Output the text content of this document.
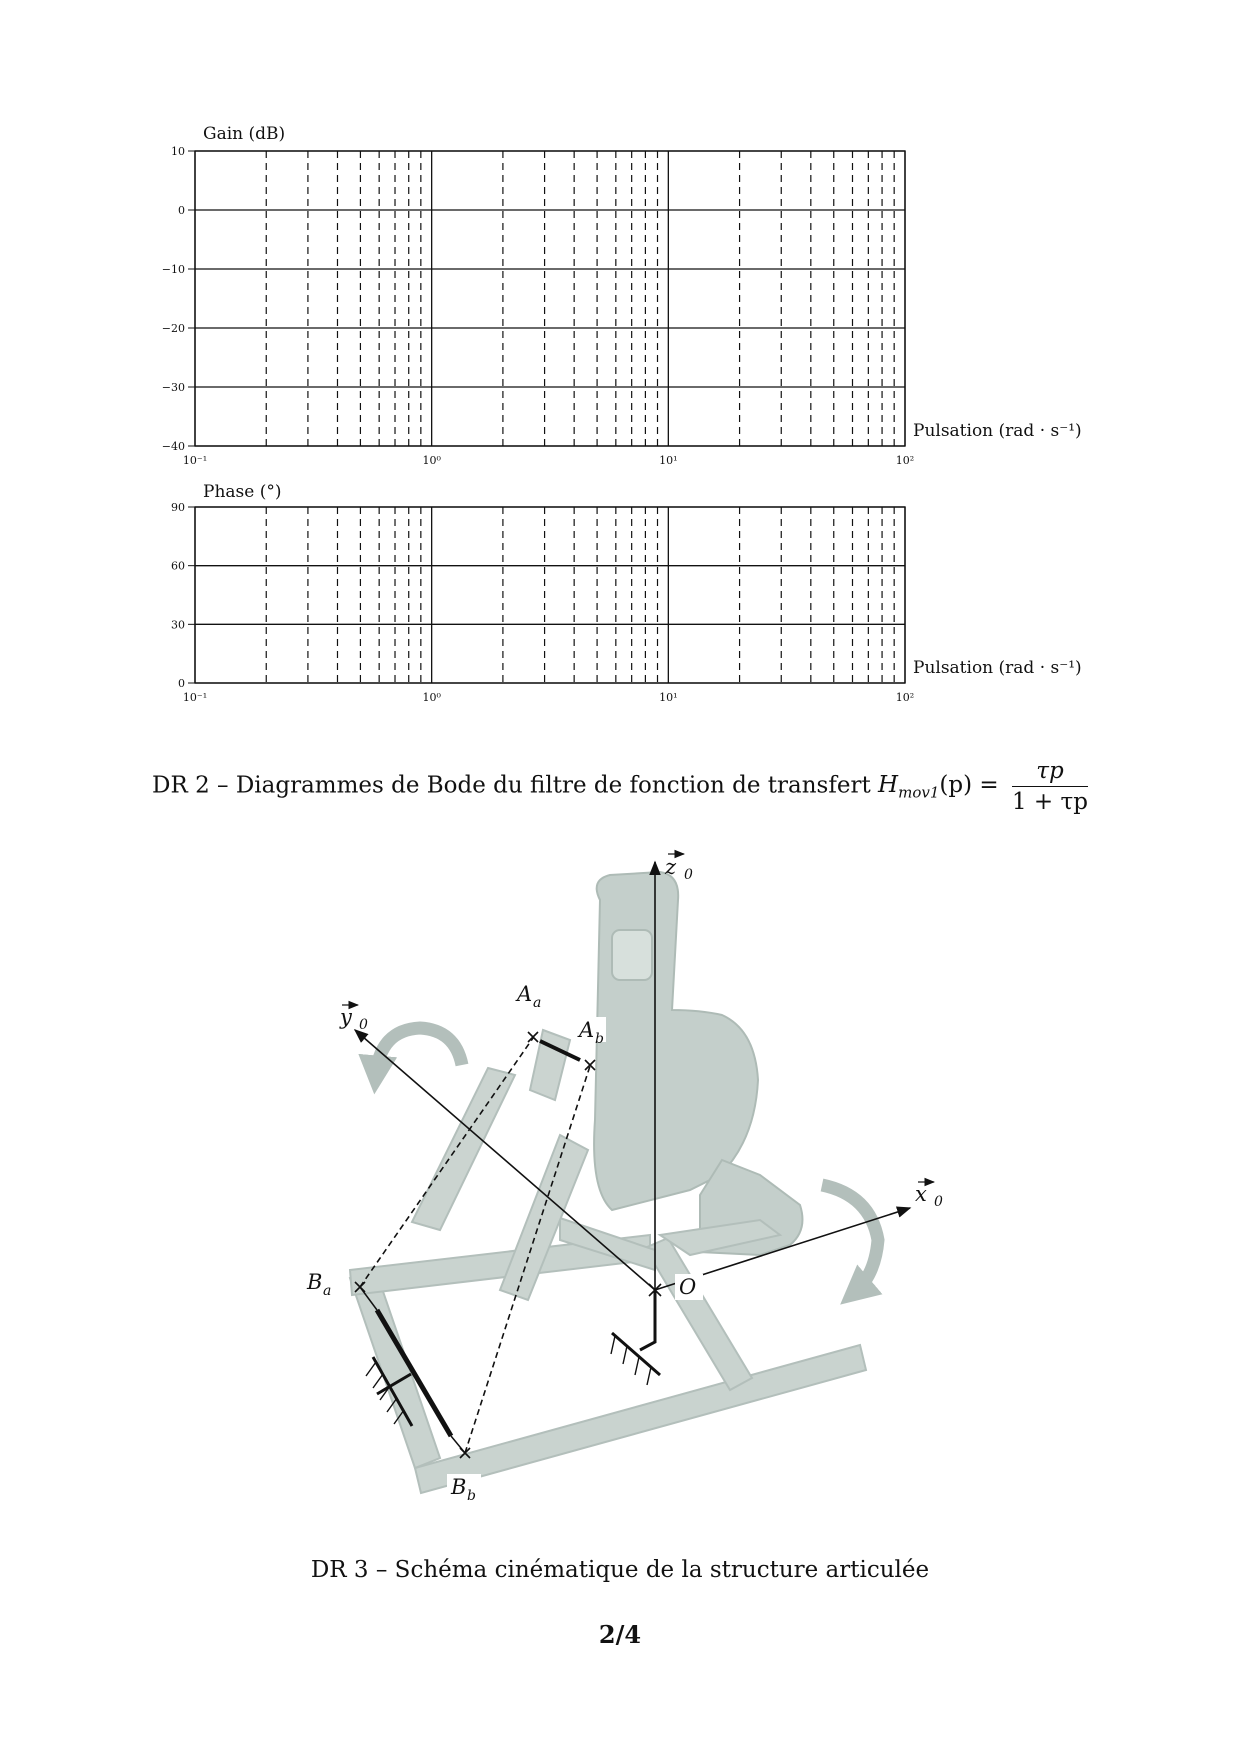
Gain (dB)
10
0
−10
−20
−30
−40
10⁻¹	10⁰	10¹	10²
Pulsation (rad · s⁻¹)
Phase (°)
90
60
30
0
10⁻¹	10⁰	10¹	10²
Pulsation (rad · s⁻¹)
DR 2 – Diagrammes de Bode du filtre de fonction de transfert $H_{mov1}(p) = \frac{\tau p}{1 + \tau p}$
z 0
y 0
x 0
A a
A b
B a
B b
O
DR 3 – Schéma cinématique de la structure articulée
2/4
